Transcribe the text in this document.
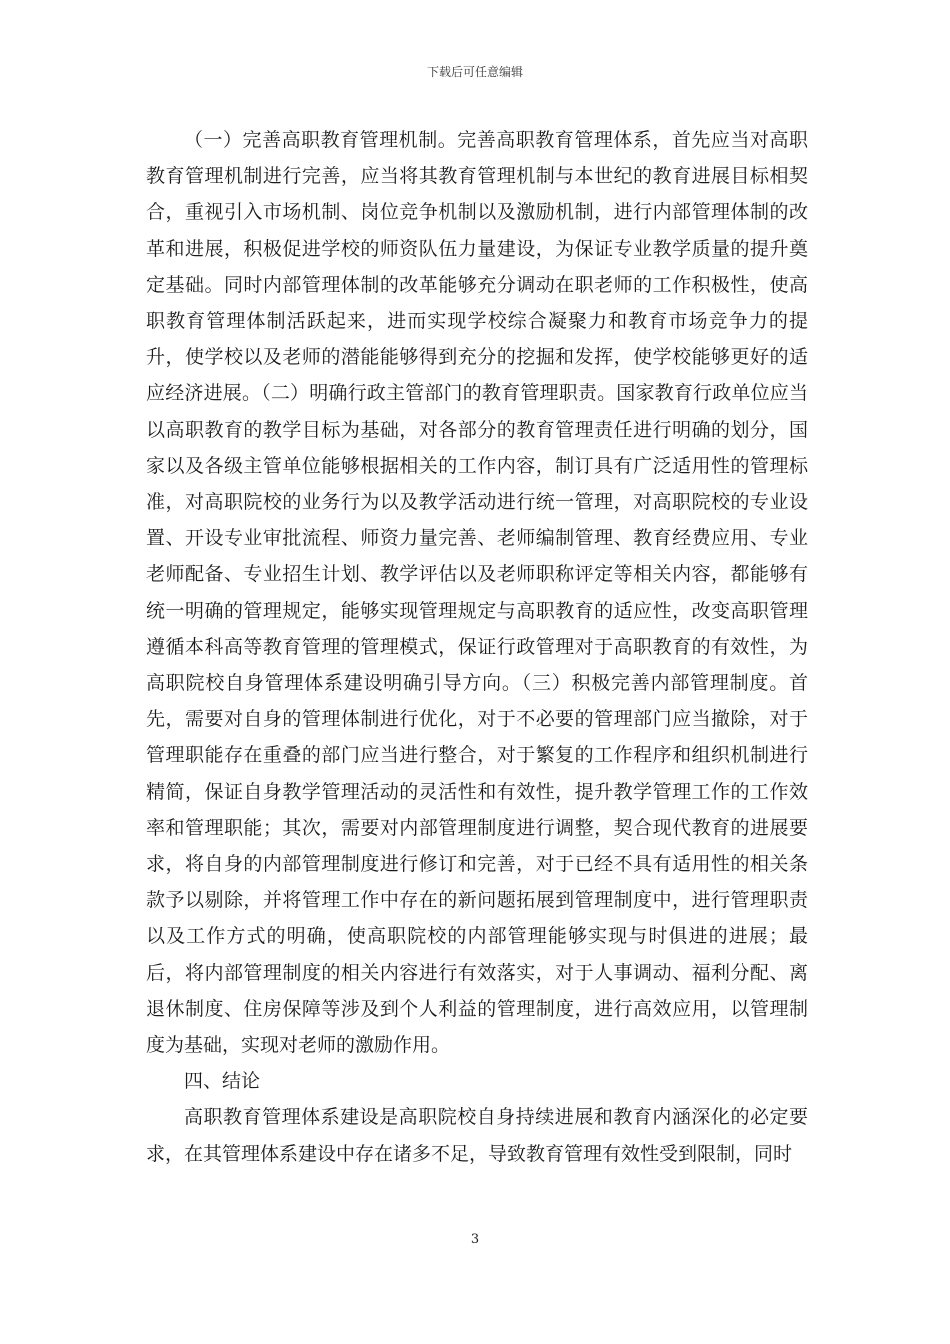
下载后可任意编辑

（一）完善高职教育管理机制。完善高职教育管理体系，首先应当对高职教育管理机制进行完善，应当将其教育管理机制与本世纪的教育进展目标相契合，重视引入市场机制、岗位竞争机制以及激励机制，进行内部管理体制的改革和进展，积极促进学校的师资队伍力量建设，为保证专业教学质量的提升奠定基础。同时内部管理体制的改革能够充分调动在职老师的工作积极性，使高职教育管理体制活跃起来，进而实现学校综合凝聚力和教育市场竞争力的提升，使学校以及老师的潜能能够得到充分的挖掘和发挥，使学校能够更好的适应经济进展。（二）明确行政主管部门的教育管理职责。国家教育行政单位应当以高职教育的教学目标为基础，对各部分的教育管理责任进行明确的划分，国家以及各级主管单位能够根据相关的工作内容，制订具有广泛适用性的管理标准，对高职院校的业务行为以及教学活动进行统一管理，对高职院校的专业设置、开设专业审批流程、师资力量完善、老师编制管理、教育经费应用、专业老师配备、专业招生计划、教学评估以及老师职称评定等相关内容，都能够有统一明确的管理规定，能够实现管理规定与高职教育的适应性，改变高职管理遵循本科高等教育管理的管理模式，保证行政管理对于高职教育的有效性，为高职院校自身管理体系建设明确引导方向。（三）积极完善内部管理制度。首先，需要对自身的管理体制进行优化，对于不必要的管理部门应当撤除，对于管理职能存在重叠的部门应当进行整合，对于繁复的工作程序和组织机制进行精简，保证自身教学管理活动的灵活性和有效性，提升教学管理工作的工作效率和管理职能；其次，需要对内部管理制度进行调整，契合现代教育的进展要求，将自身的内部管理制度进行修订和完善，对于已经不具有适用性的相关条款予以剔除，并将管理工作中存在的新问题拓展到管理制度中，进行管理职责以及工作方式的明确，使高职院校的内部管理能够实现与时俱进的进展；最后，将内部管理制度的相关内容进行有效落实，对于人事调动、福利分配、离退休制度、住房保障等涉及到个人利益的管理制度，进行高效应用，以管理制度为基础，实现对老师的激励作用。

四、结论

高职教育管理体系建设是高职院校自身持续进展和教育内涵深化的必定要求，在其管理体系建设中存在诸多不足，导致教育管理有效性受到限制，同时

3
